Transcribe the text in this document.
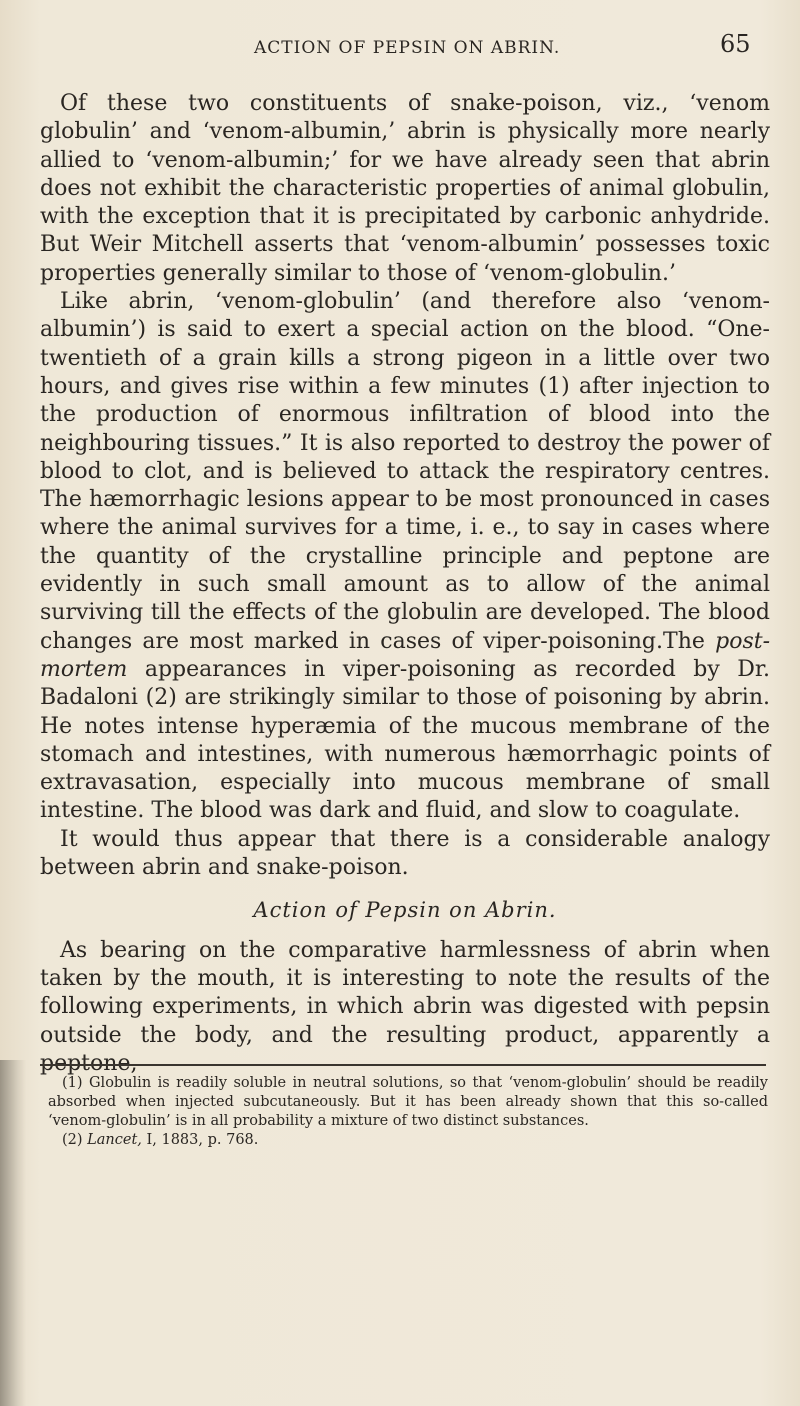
ACTION OF PEPSIN ON ABRIN.	65

Of these two constituents of snake-poison, viz., ‘venom globulin’ and ‘venom-albumin,’ abrin is physically more nearly allied to ‘venom-albumin;’ for we have already seen that abrin does not exhibit the characteristic properties of animal globulin, with the exception that it is precipitated by carbonic anhydride. But Weir Mitchell asserts that ‘venom-albumin’ possesses toxic properties generally similar to those of ‘venom-globulin.’

Like abrin, ‘venom-globulin’ (and therefore also ‘venom-albumin’) is said to exert a special action on the blood. “One-twentieth of a grain kills a strong pigeon in a little over two hours, and gives rise within a few minutes (1) after injection to the production of enormous infiltration of blood into the neighbouring tissues.” It is also reported to destroy the power of blood to clot, and is believed to attack the respiratory centres. The hæmorrhagic lesions appear to be most pronounced in cases where the animal survives for a time, i. e., to say in cases where the quantity of the crystalline principle and peptone are evidently in such small amount as to allow of the animal surviving till the effects of the globulin are developed. The blood changes are most marked in cases of viper-poisoning.The post-mortem appearances in viper-poisoning as recorded by Dr. Badaloni (2) are strikingly similar to those of poisoning by abrin. He notes intense hyperæmia of the mucous membrane of the stomach and intestines, with numerous hæmorrhagic points of extravasation, especially into mucous membrane of small intestine. The blood was dark and fluid, and slow to coagulate.

It would thus appear that there is a considerable analogy between abrin and snake-poison.

Action of Pepsin on Abrin.

As bearing on the comparative harmlessness of abrin when taken by the mouth, it is interesting to note the results of the following experiments, in which abrin was digested with pepsin outside the body, and the resulting product, apparently a peptone,

(1) Globulin is readily soluble in neutral solutions, so that ‘venom-globulin’ should be readily absorbed when injected subcutaneously. But it has been already shown that this so-called ‘venom-globulin’ is in all probability a mixture of two distinct substances.

(2) Lancet, I, 1883, p. 768.
